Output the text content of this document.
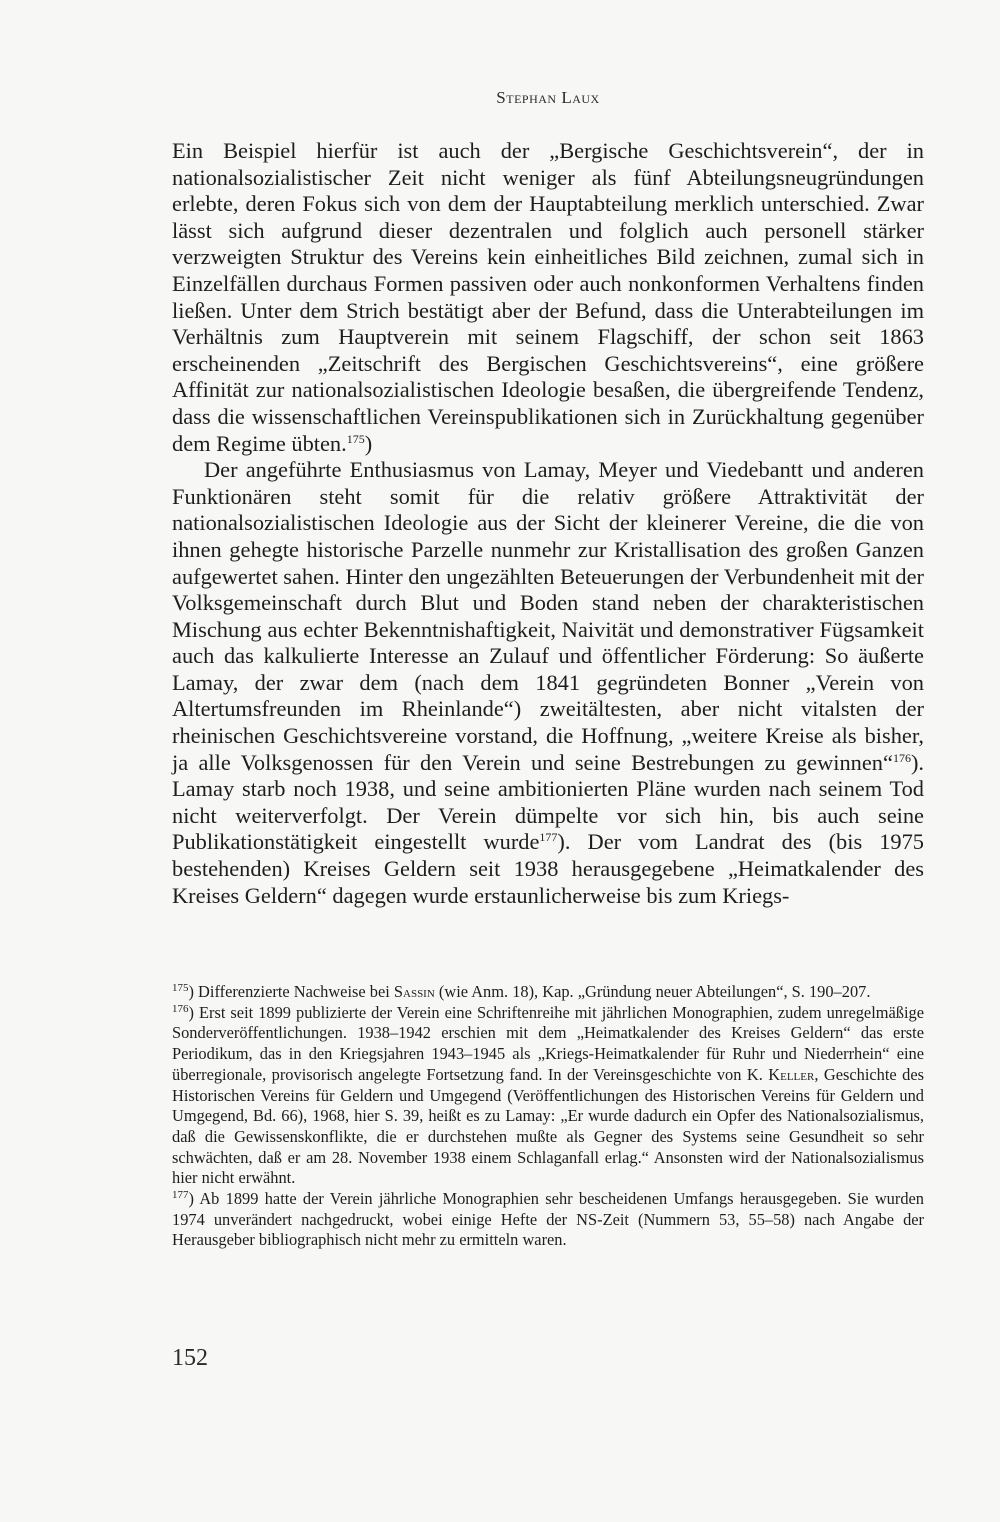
Stephan Laux

Ein Beispiel hierfür ist auch der „Bergische Geschichtsverein“, der in nationalsozialistischer Zeit nicht weniger als fünf Abteilungsneugründungen erlebte, deren Fokus sich von dem der Hauptabteilung merklich unterschied. Zwar lässt sich aufgrund dieser dezentralen und folglich auch personell stärker verzweigten Struktur des Vereins kein einheitliches Bild zeichnen, zumal sich in Einzelfällen durchaus Formen passiven oder auch nonkonformen Verhaltens finden ließen. Unter dem Strich bestätigt aber der Befund, dass die Unterabteilungen im Verhältnis zum Hauptverein mit seinem Flagschiff, der schon seit 1863 erscheinenden „Zeitschrift des Bergischen Geschichtsvereins“, eine größere Affinität zur nationalsozialistischen Ideologie besaßen, die übergreifende Tendenz, dass die wissenschaftlichen Vereinspublikationen sich in Zurückhaltung gegenüber dem Regime übten.$^{175}$)

Der angeführte Enthusiasmus von Lamay, Meyer und Viedebantt und anderen Funktionären steht somit für die relativ größere Attraktivität der nationalsozialistischen Ideologie aus der Sicht der kleinerer Vereine, die die von ihnen gehegte historische Parzelle nunmehr zur Kristallisation des großen Ganzen aufgewertet sahen. Hinter den ungezählten Beteuerungen der Verbundenheit mit der Volksgemeinschaft durch Blut und Boden stand neben der charakteristischen Mischung aus echter Bekenntnishaftigkeit, Naivität und demonstrativer Fügsamkeit auch das kalkulierte Interesse an Zulauf und öffentlicher Förderung: So äußerte Lamay, der zwar dem (nach dem 1841 gegründeten Bonner „Verein von Altertumsfreunden im Rheinlande“) zweitältesten, aber nicht vitalsten der rheinischen Geschichtsvereine vorstand, die Hoffnung, „weitere Kreise als bisher, ja alle Volksgenossen für den Verein und seine Bestrebungen zu gewinnen“$^{176}$). Lamay starb noch 1938, und seine ambitionierten Pläne wurden nach seinem Tod nicht weiterverfolgt. Der Verein dümpelte vor sich hin, bis auch seine Publikationstätigkeit eingestellt wurde$^{177}$). Der vom Landrat des (bis 1975 bestehenden) Kreises Geldern seit 1938 herausgegebene „Heimatkalender des Kreises Geldern“ dagegen wurde erstaunlicherweise bis zum Kriegs-

$^{175}$) Differenzierte Nachweise bei Sassin (wie Anm. 18), Kap. „Gründung neuer Abteilungen“, S. 190–207.

$^{176}$) Erst seit 1899 publizierte der Verein eine Schriftenreihe mit jährlichen Monographien, zudem unregelmäßige Sonderveröffentlichungen. 1938–1942 erschien mit dem „Heimatkalender des Kreises Geldern“ das erste Periodikum, das in den Kriegsjahren 1943–1945 als „Kriegs-Heimatkalender für Ruhr und Niederrhein“ eine überregionale, provisorisch angelegte Fortsetzung fand. In der Vereinsgeschichte von K. Keller, Geschichte des Historischen Vereins für Geldern und Umgegend (Veröffentlichungen des Historischen Vereins für Geldern und Umgegend, Bd. 66), 1968, hier S. 39, heißt es zu Lamay: „Er wurde dadurch ein Opfer des Nationalsozialismus, daß die Gewissenskonflikte, die er durchstehen mußte als Gegner des Systems seine Gesundheit so sehr schwächten, daß er am 28. November 1938 einem Schlaganfall erlag.“ Ansonsten wird der Nationalsozialismus hier nicht erwähnt.

$^{177}$) Ab 1899 hatte der Verein jährliche Monographien sehr bescheidenen Umfangs herausgegeben. Sie wurden 1974 unverändert nachgedruckt, wobei einige Hefte der NS-Zeit (Nummern 53, 55–58) nach Angabe der Herausgeber bibliographisch nicht mehr zu ermitteln waren.

152
